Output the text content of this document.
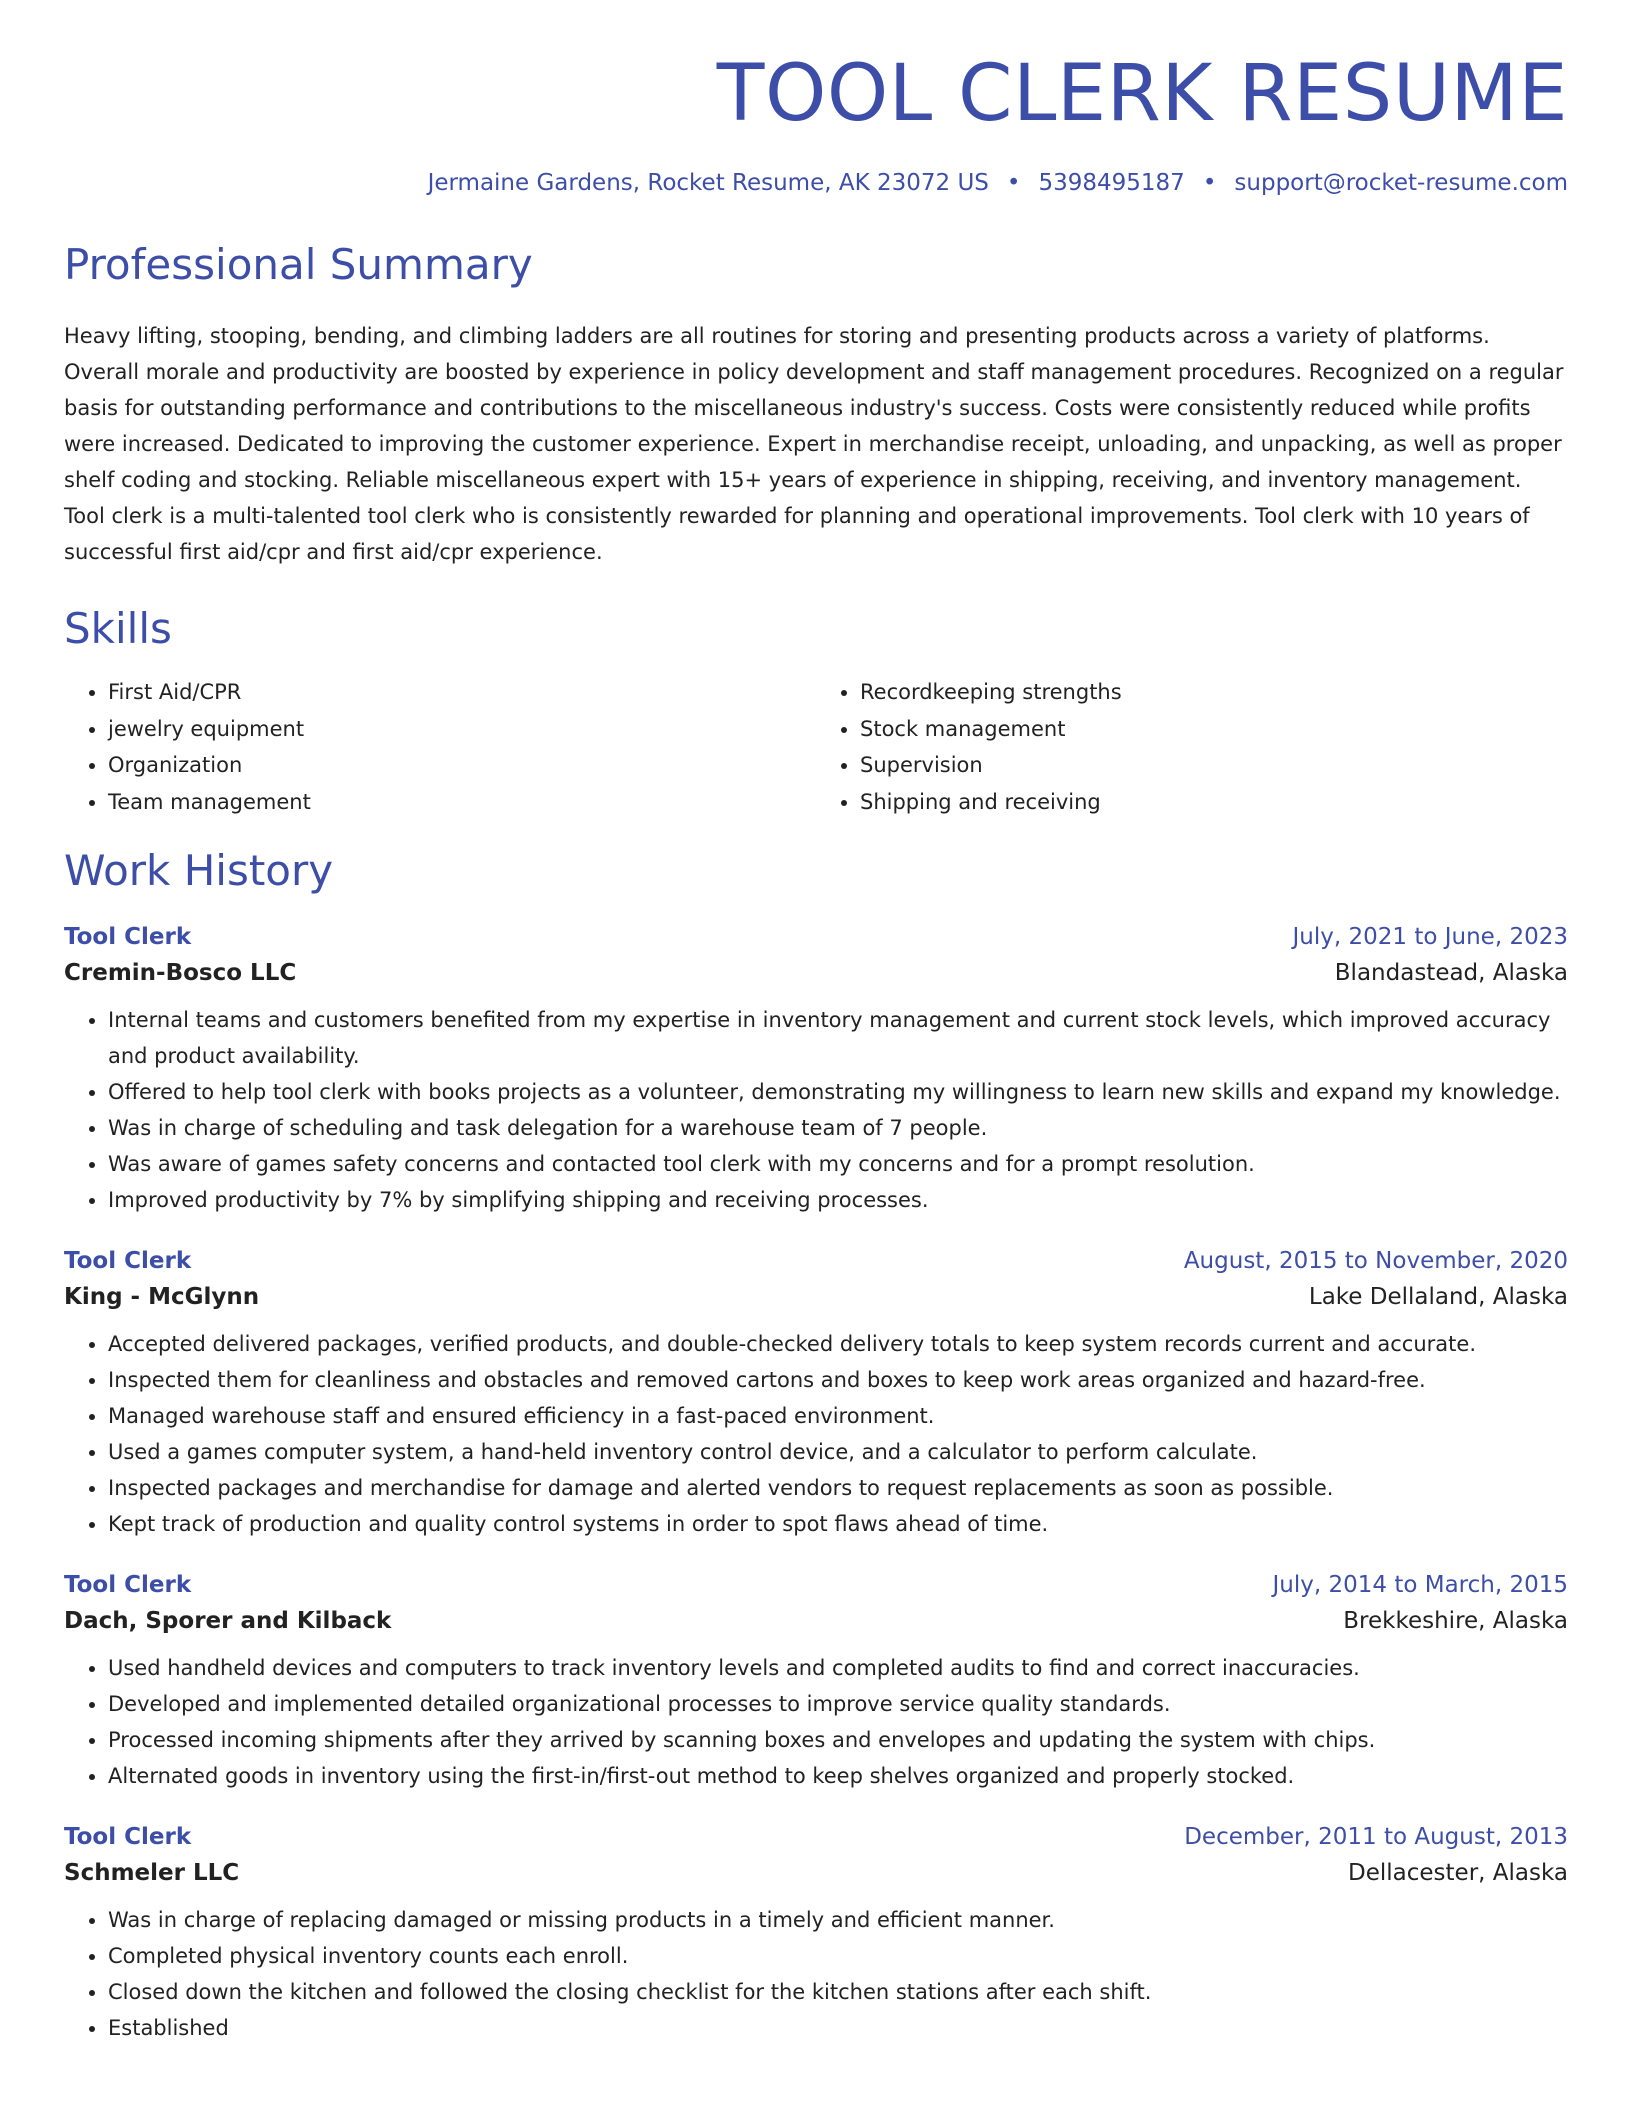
TOOL CLERK RESUME
Jermaine Gardens, Rocket Resume, AK 23072 US • 5398495187 • support@rocket-resume.com
Professional Summary
Heavy lifting, stooping, bending, and climbing ladders are all routines for storing and presenting products across a variety of platforms. Overall morale and productivity are boosted by experience in policy development and staff management procedures. Recognized on a regular basis for outstanding performance and contributions to the miscellaneous industry's success. Costs were consistently reduced while profits were increased. Dedicated to improving the customer experience. Expert in merchandise receipt, unloading, and unpacking, as well as proper shelf coding and stocking. Reliable miscellaneous expert with 15+ years of experience in shipping, receiving, and inventory management. Tool clerk is a multi-talented tool clerk who is consistently rewarded for planning and operational improvements. Tool clerk with 10 years of successful first aid/cpr and first aid/cpr experience.
Skills
• First Aid/CPR
• jewelry equipment
• Organization
• Team management
• Recordkeeping strengths
• Stock management
• Supervision
• Shipping and receiving
Work History
Tool Clerk	July, 2021 to June, 2023
Cremin-Bosco LLC	Blandastead, Alaska
• Internal teams and customers benefited from my expertise in inventory management and current stock levels, which improved accuracy and product availability.
• Offered to help tool clerk with books projects as a volunteer, demonstrating my willingness to learn new skills and expand my knowledge.
• Was in charge of scheduling and task delegation for a warehouse team of 7 people.
• Was aware of games safety concerns and contacted tool clerk with my concerns and for a prompt resolution.
• Improved productivity by 7% by simplifying shipping and receiving processes.
Tool Clerk	August, 2015 to November, 2020
King - McGlynn	Lake Dellaland, Alaska
• Accepted delivered packages, verified products, and double-checked delivery totals to keep system records current and accurate.
• Inspected them for cleanliness and obstacles and removed cartons and boxes to keep work areas organized and hazard-free.
• Managed warehouse staff and ensured efficiency in a fast-paced environment.
• Used a games computer system, a hand-held inventory control device, and a calculator to perform calculate.
• Inspected packages and merchandise for damage and alerted vendors to request replacements as soon as possible.
• Kept track of production and quality control systems in order to spot flaws ahead of time.
Tool Clerk	July, 2014 to March, 2015
Dach, Sporer and Kilback	Brekkeshire, Alaska
• Used handheld devices and computers to track inventory levels and completed audits to find and correct inaccuracies.
• Developed and implemented detailed organizational processes to improve service quality standards.
• Processed incoming shipments after they arrived by scanning boxes and envelopes and updating the system with chips.
• Alternated goods in inventory using the first-in/first-out method to keep shelves organized and properly stocked.
Tool Clerk	December, 2011 to August, 2013
Schmeler LLC	Dellacester, Alaska
• Was in charge of replacing damaged or missing products in a timely and efficient manner.
• Completed physical inventory counts each enroll.
• Closed down the kitchen and followed the closing checklist for the kitchen stations after each shift.
• Established
